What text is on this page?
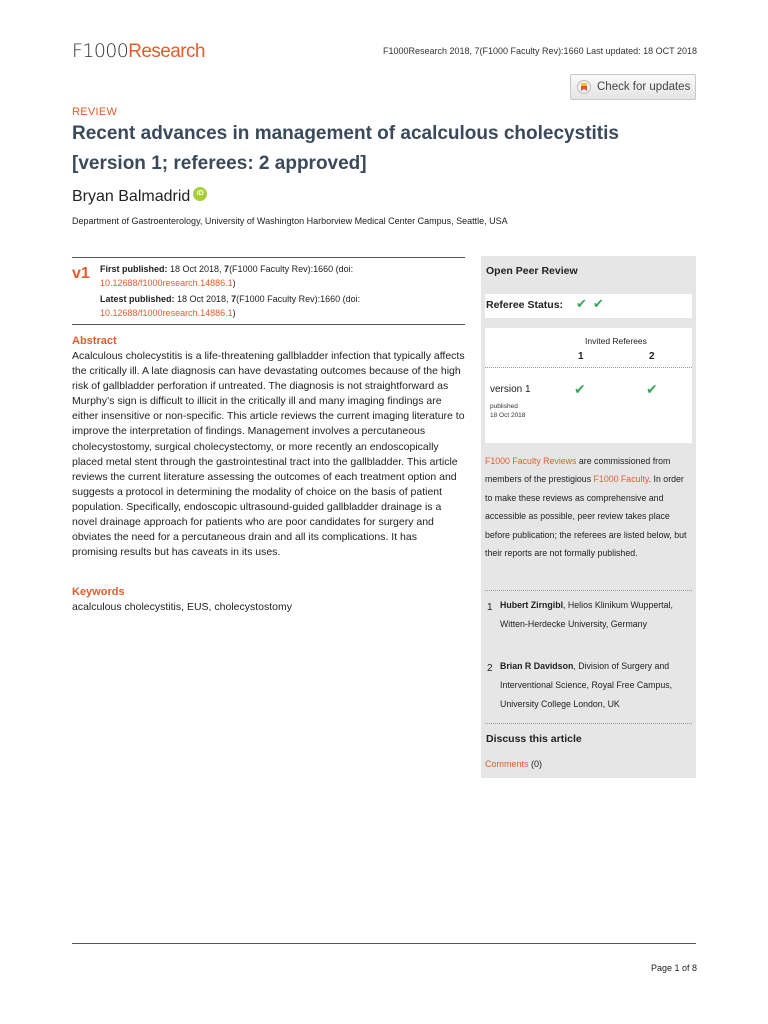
F1000Research	F1000Research 2018, 7(F1000 Faculty Rev):1660 Last updated: 18 OCT 2018
Check for updates
REVIEW
Recent advances in management of acalculous cholecystitis [version 1; referees: 2 approved]
Bryan Balmadrid iD
Department of Gastroenterology, University of Washington Harborview Medical Center Campus, Seattle, USA
v1 First published: 18 Oct 2018, 7(F1000 Faculty Rev):1660 (doi:
10.12688/f1000research.14886.1)
Latest published: 18 Oct 2018, 7(F1000 Faculty Rev):1660 (doi:
10.12688/f1000research.14886.1)
Abstract
Acalculous cholecystitis is a life-threatening gallbladder infection that typically affects the critically ill. A late diagnosis can have devastating outcomes because of the high risk of gallbladder perforation if untreated. The diagnosis is not straightforward as Murphy’s sign is difficult to illicit in the critically ill and many imaging findings are either insensitive or non-specific. This article reviews the current imaging literature to improve the interpretation of findings. Management involves a percutaneous cholecystostomy, surgical cholecystectomy, or more recently an endoscopically placed metal stent through the gastrointestinal tract into the gallbladder. This article reviews the current literature assessing the outcomes of each treatment option and suggests a protocol in determining the modality of choice on the basis of patient population. Specifically, endoscopic ultrasound-guided gallbladder drainage is a novel drainage approach for patients who are poor candidates for surgery and obviates the need for a percutaneous drain and all its complications. It has promising results but has caveats in its uses.
Keywords
acalculous cholecystitis, EUS, cholecystostomy
Open Peer Review
Referee Status: ✔ ✔
Invited Referees
1	2
version 1
published
18 Oct 2018
✔	✔
F1000 Faculty Reviews are commissioned from members of the prestigious F1000 Faculty. In order to make these reviews as comprehensive and accessible as possible, peer review takes place before publication; the referees are listed below, but their reports are not formally published.
1 Hubert Zirngibl, Helios Klinikum Wuppertal, Witten-Herdecke University, Germany
2 Brian R Davidson, Division of Surgery and Interventional Science, Royal Free Campus, University College London, UK
Discuss this article
Comments (0)
Page 1 of 8
